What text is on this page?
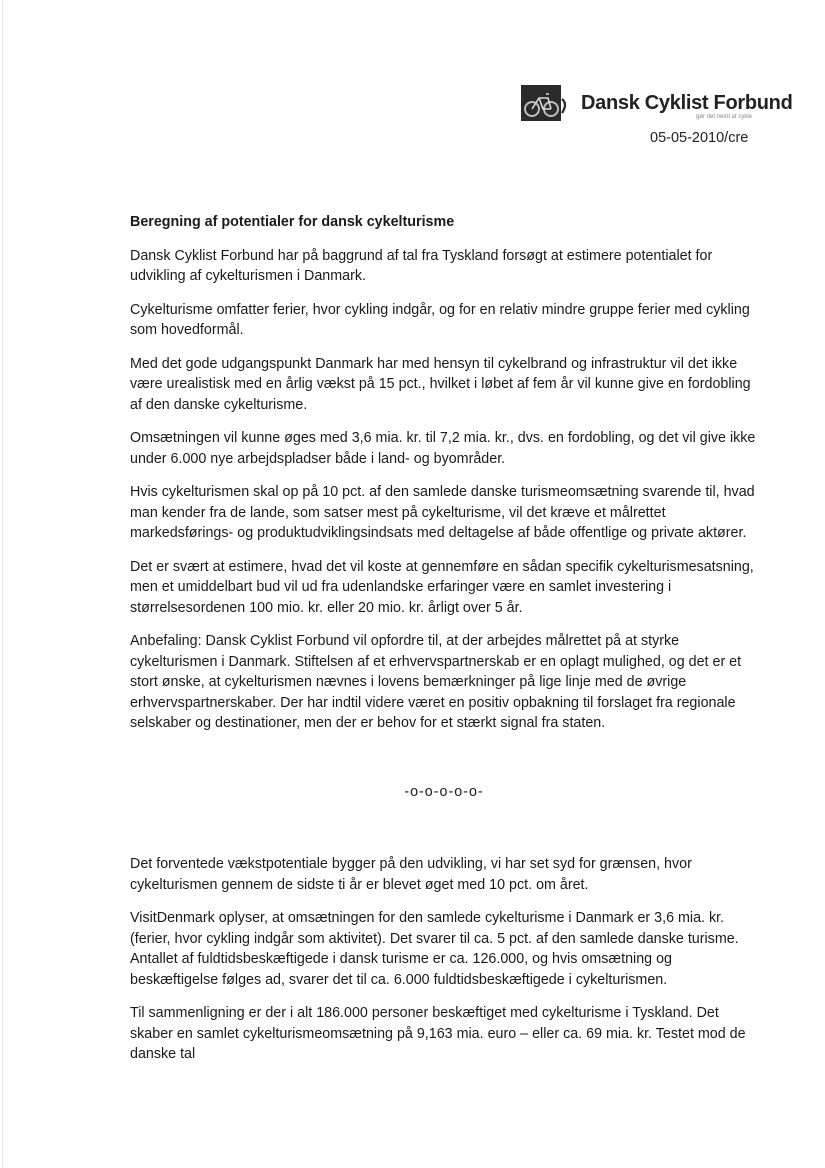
Dansk Cyklist Forbund
gør det nemt at cykle
05-05-2010/cre

Beregning af potentialer for dansk cykelturisme

Dansk Cyklist Forbund har på baggrund af tal fra Tyskland forsøgt at estimere potentialet for udvikling af cykelturismen i Danmark.

Cykelturisme omfatter ferier, hvor cykling indgår, og for en relativ mindre gruppe ferier med cykling som hovedformål.

Med det gode udgangspunkt Danmark har med hensyn til cykelbrand og infrastruktur vil det ikke være urealistisk med en årlig vækst på 15 pct., hvilket i løbet af fem år vil kunne give en fordobling af den danske cykelturisme.

Omsætningen vil kunne øges med 3,6 mia. kr. til 7,2 mia. kr., dvs. en fordobling, og det vil give ikke under 6.000 nye arbejdspladser både i land- og byområder.

Hvis cykelturismen skal op på 10 pct. af den samlede danske turismeomsætning svarende til, hvad man kender fra de lande, som satser mest på cykelturisme, vil det kræve et målrettet markedsførings- og produktudviklingsindsats med deltagelse af både offentlige og private aktører.

Det er svært at estimere, hvad det vil koste at gennemføre en sådan specifik cykelturismesatsning, men et umiddelbart bud vil ud fra udenlandske erfaringer være en samlet investering i størrelsesordenen 100 mio. kr. eller 20 mio. kr. årligt over 5 år.

Anbefaling: Dansk Cyklist Forbund vil opfordre til, at der arbejdes målrettet på at styrke cykelturismen i Danmark. Stiftelsen af et erhvervspartnerskab er en oplagt mulighed, og det er et stort ønske, at cykelturismen nævnes i lovens bemærkninger på lige linje med de øvrige erhvervspartnerskaber. Der har indtil videre været en positiv opbakning til forslaget fra regionale selskaber og destinationer, men der er behov for et stærkt signal fra staten.

-o-o-o-o-o-

Det forventede vækstpotentiale bygger på den udvikling, vi har set syd for grænsen, hvor cykelturismen gennem de sidste ti år er blevet øget med 10 pct. om året.

VisitDenmark oplyser, at omsætningen for den samlede cykelturisme i Danmark er 3,6 mia. kr. (ferier, hvor cykling indgår som aktivitet). Det svarer til ca. 5 pct. af den samlede danske turisme. Antallet af fuldtidsbeskæftigede i dansk turisme er ca. 126.000, og hvis omsætning og beskæftigelse følges ad, svarer det til ca. 6.000 fuldtidsbeskæftigede i cykelturismen.

Til sammenligning er der i alt 186.000 personer beskæftiget med cykelturisme i Tyskland. Det skaber en samlet cykelturismeomsætning på 9,163 mia. euro – eller ca. 69 mia. kr. Testet mod de danske tal
